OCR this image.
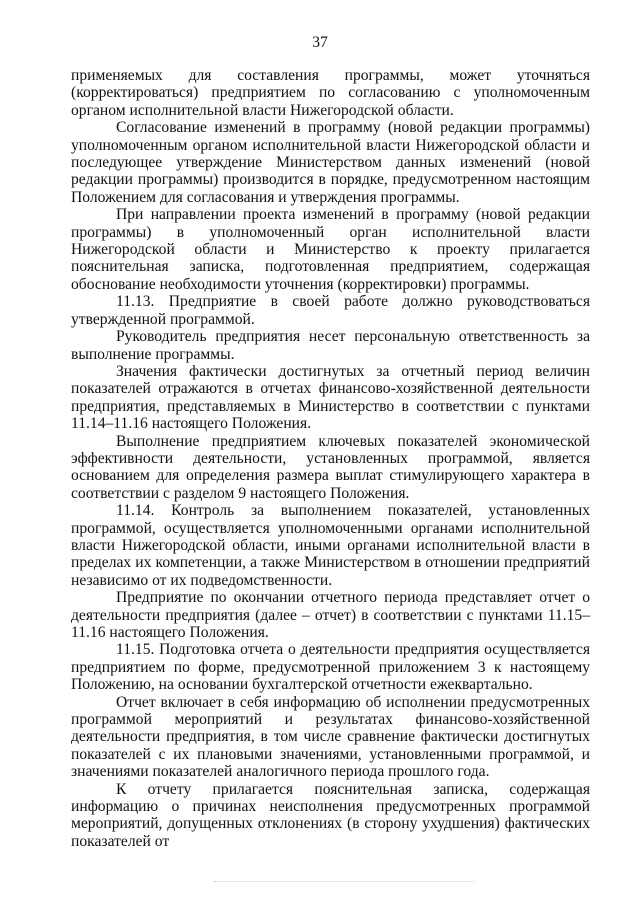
37

применяемых для составления программы, может уточняться (корректироваться) предприятием по согласованию с уполномоченным органом исполнительной власти Нижегородской области.

Согласование изменений в программу (новой редакции программы) уполномоченным органом исполнительной власти Нижегородской области и последующее утверждение Министерством данных изменений (новой редакции программы) производится в порядке, предусмотренном настоящим Положением для согласования и утверждения программы.

При направлении проекта изменений в программу (новой редакции программы) в уполномоченный орган исполнительной власти Нижегородской области и Министерство к проекту прилагается пояснительная записка, подготовленная предприятием, содержащая обоснование необходимости уточнения (корректировки) программы.

11.13. Предприятие в своей работе должно руководствоваться утвержденной программой.

Руководитель предприятия несет персональную ответственность за выполнение программы.

Значения фактически достигнутых за отчетный период величин показателей отражаются в отчетах финансово-хозяйственной деятельности предприятия, представляемых в Министерство в соответствии с пунктами 11.14–11.16 настоящего Положения.

Выполнение предприятием ключевых показателей экономической эффективности деятельности, установленных программой, является основанием для определения размера выплат стимулирующего характера в соответствии с разделом 9 настоящего Положения.

11.14. Контроль за выполнением показателей, установленных программой, осуществляется уполномоченными органами исполнительной власти Нижегородской области, иными органами исполнительной власти в пределах их компетенции, а также Министерством в отношении предприятий независимо от их подведомственности.

Предприятие по окончании отчетного периода представляет отчет о деятельности предприятия (далее – отчет) в соответствии с пунктами 11.15–11.16 настоящего Положения.

11.15. Подготовка отчета о деятельности предприятия осуществляется предприятием по форме, предусмотренной приложением 3 к настоящему Положению, на основании бухгалтерской отчетности ежеквартально.

Отчет включает в себя информацию об исполнении предусмотренных программой мероприятий и результатах финансово-хозяйственной деятельности предприятия, в том числе сравнение фактически достигнутых показателей с их плановыми значениями, установленными программой, и значениями показателей аналогичного периода прошлого года.

К отчету прилагается пояснительная записка, содержащая информацию о причинах неисполнения предусмотренных программой мероприятий, допущенных отклонениях (в сторону ухудшения) фактических показателей от
